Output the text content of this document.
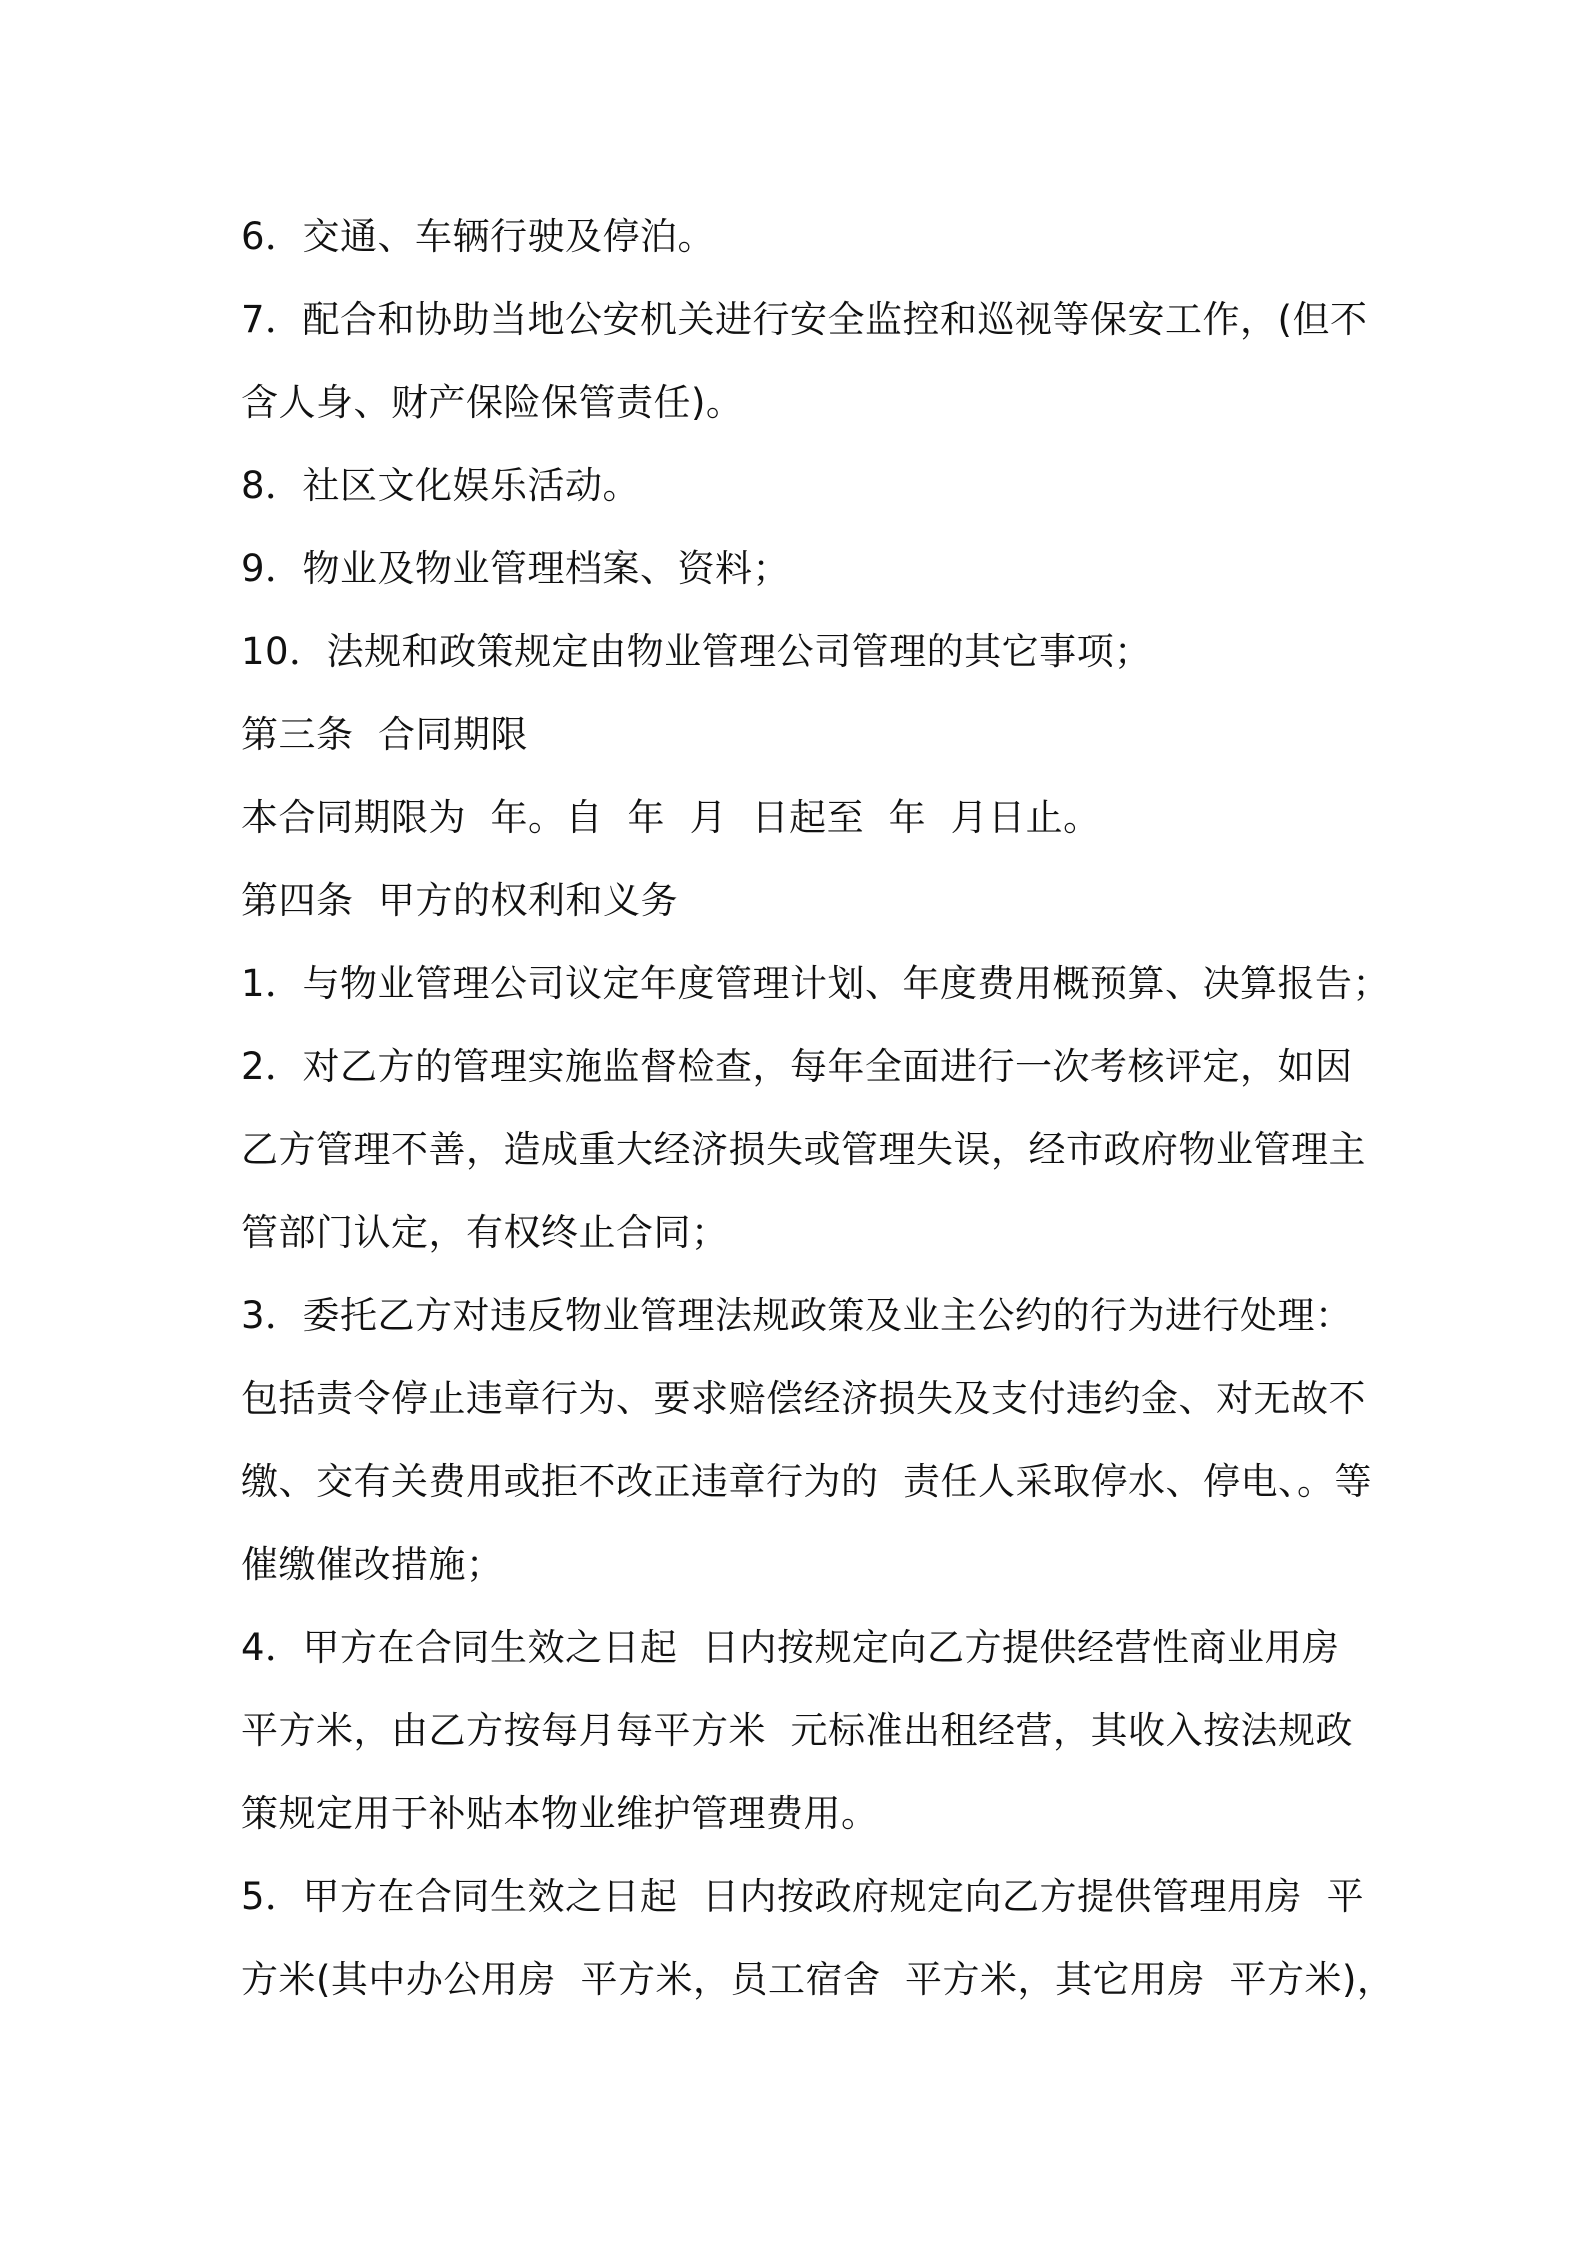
6．交通、车辆行驶及停泊。
7．配合和协助当地公安机关进行安全监控和巡视等保安工作，(但不
含人身、财产保险保管责任)。
8．社区文化娱乐活动。
9．物业及物业管理档案、资料；
10．法规和政策规定由物业管理公司管理的其它事项；
第三条  合同期限
本合同期限为  年。自  年  月  日起至  年  月日止。
第四条  甲方的权利和义务
1．与物业管理公司议定年度管理计划、年度费用概预算、决算报告；
2．对乙方的管理实施监督检查，每年全面进行一次考核评定，如因
乙方管理不善，造成重大经济损失或管理失误，经市政府物业管理主
管部门认定，有权终止合同；
3．委托乙方对违反物业管理法规政策及业主公约的行为进行处理：
包括责令停止违章行为、要求赔偿经济损失及支付违约金、对无故不
缴、交有关费用或拒不改正违章行为的  责任人采取停水、停电、。等
催缴催改措施；
4．甲方在合同生效之日起  日内按规定向乙方提供经营性商业用房
平方米，由乙方按每月每平方米  元标准出租经营，其收入按法规政
策规定用于补贴本物业维护管理费用。
5．甲方在合同生效之日起  日内按政府规定向乙方提供管理用房  平
方米(其中办公用房  平方米，员工宿舍  平方米，其它用房  平方米)，
